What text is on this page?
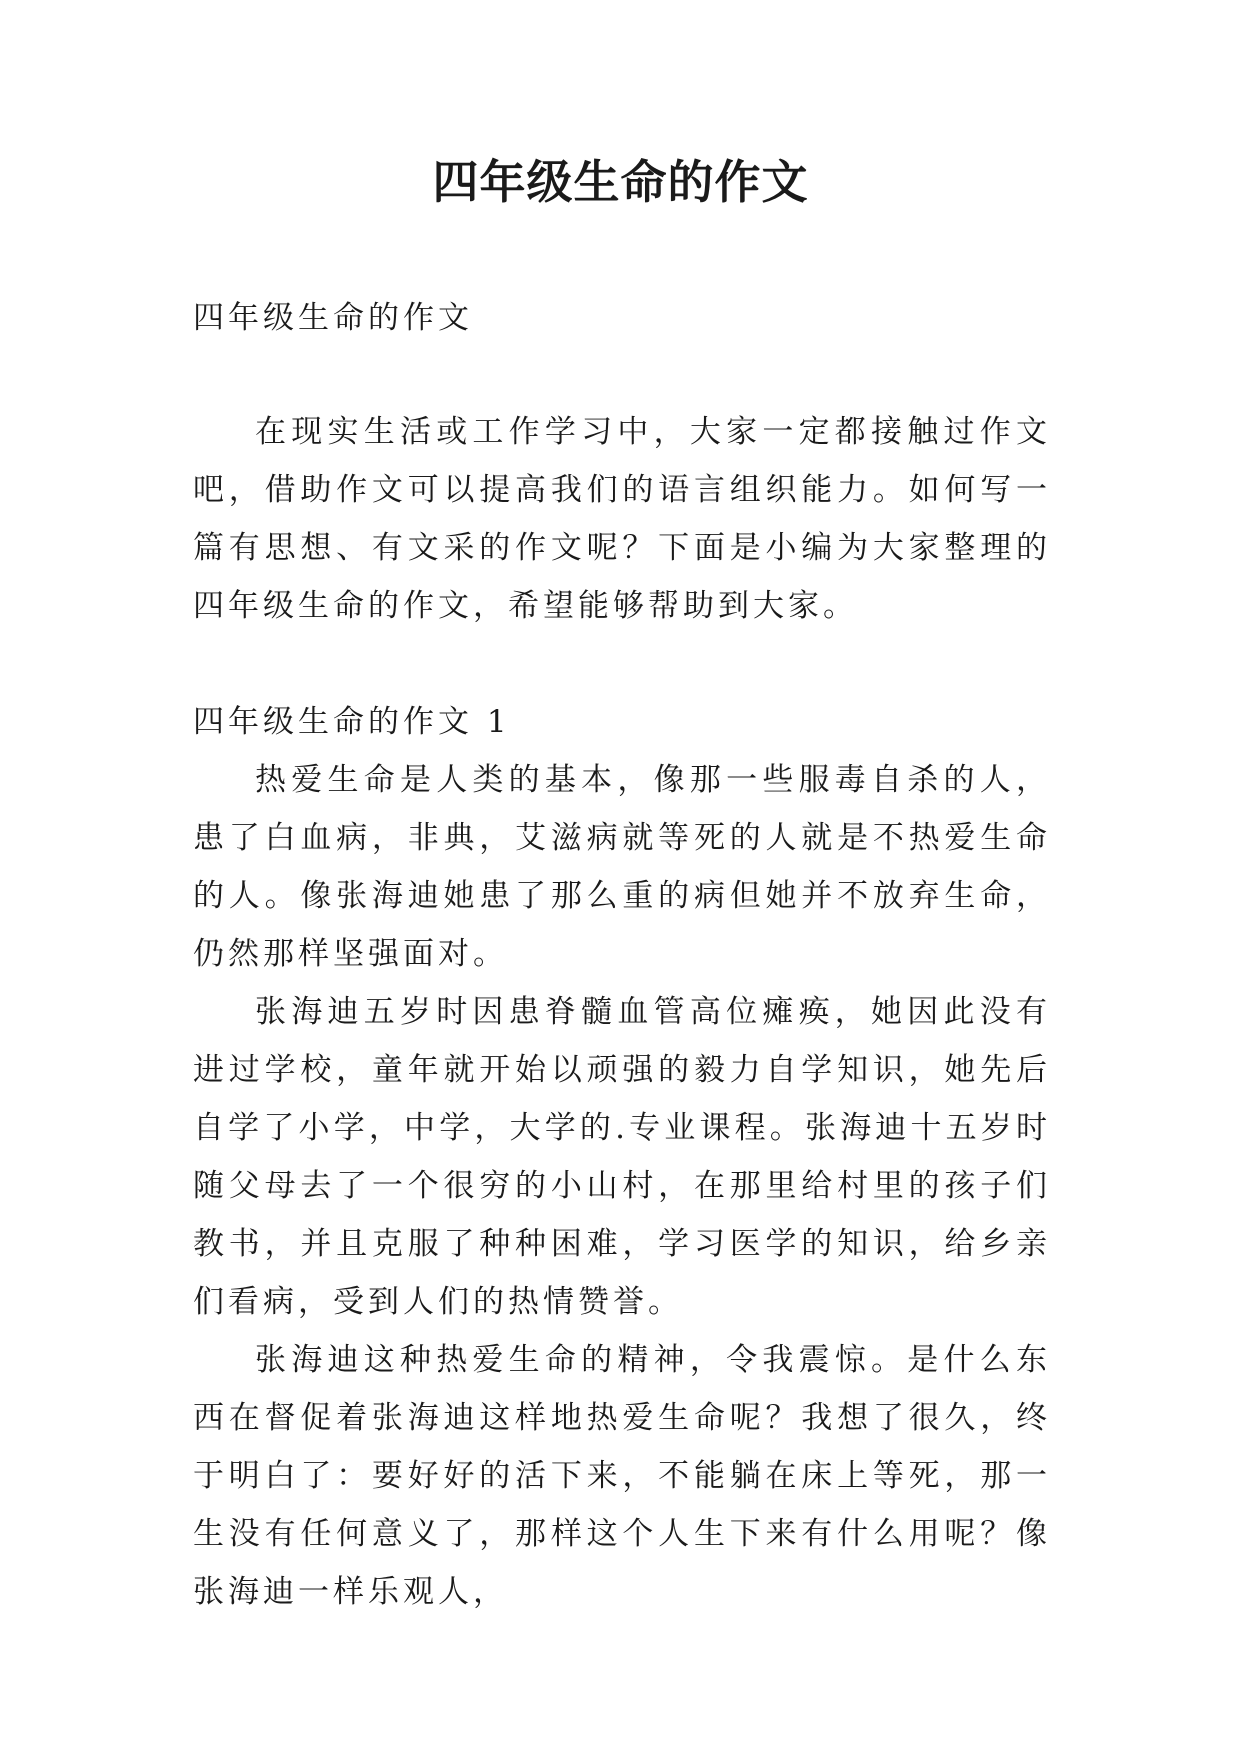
四年级生命的作文
四年级生命的作文

在现实生活或工作学习中，大家一定都接触过作文吧，借助作文可以提高我们的语言组织能力。如何写一篇有思想、有文采的作文呢？下面是小编为大家整理的四年级生命的作文，希望能够帮助到大家。

四年级生命的作文 1

热爱生命是人类的基本，像那一些服毒自杀的人，患了白血病，非典，艾滋病就等死的人就是不热爱生命的人。像张海迪她患了那么重的病但她并不放弃生命，仍然那样坚强面对。

张海迪五岁时因患脊髓血管高位瘫痪，她因此没有进过学校，童年就开始以顽强的毅力自学知识，她先后自学了小学，中学，大学的.专业课程。张海迪十五岁时随父母去了一个很穷的小山村，在那里给村里的孩子们教书，并且克服了种种困难，学习医学的知识，给乡亲们看病，受到人们的热情赞誉。

张海迪这种热爱生命的精神，令我震惊。是什么东西在督促着张海迪这样地热爱生命呢？我想了很久，终于明白了：要好好的活下来，不能躺在床上等死，那一生没有任何意义了，那样这个人生下来有什么用呢？像张海迪一样乐观人，
